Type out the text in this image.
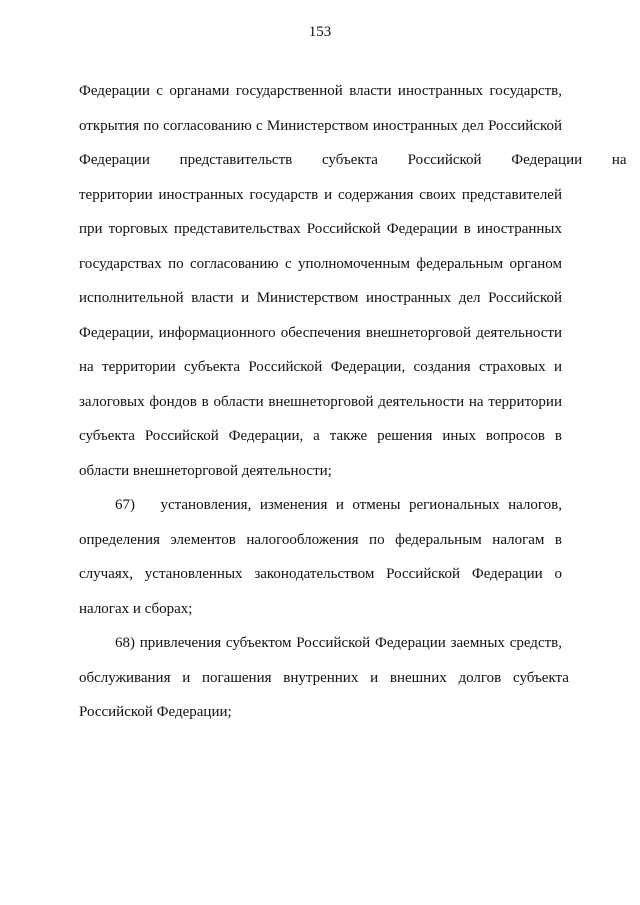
153
Федерации с органами государственной власти иностранных государств,
открытия по согласованию с Министерством иностранных дел Российской
Федерации представительств субъекта Российской Федерации на
территории иностранных государств и содержания своих представителей
при торговых представительствах Российской Федерации в иностранных
государствах по согласованию с уполномоченным федеральным органом
исполнительной власти и Министерством иностранных дел Российской
Федерации, информационного обеспечения внешнеторговой деятельности
на территории субъекта Российской Федерации, создания страховых и
залоговых фондов в области внешнеторговой деятельности на территории
субъекта Российской Федерации, а также решения иных вопросов в
области внешнеторговой деятельности;
67)   установления, изменения и отмены региональных налогов,
определения элементов налогообложения по федеральным налогам в
случаях, установленных законодательством Российской Федерации о
налогах и сборах;
68) привлечения субъектом Российской Федерации заемных средств,
обслуживания и погашения внутренних и внешних долгов субъекта
Российской Федерации;
